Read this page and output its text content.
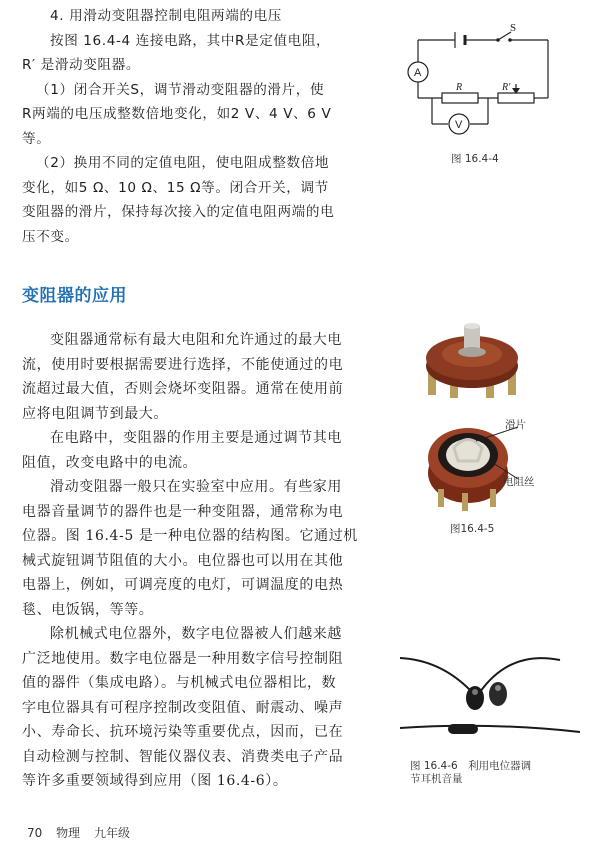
4. 用滑动变阻器控制电阻两端的电压
按图 16.4-4 连接电路，其中R是定值电阻，
R′ 是滑动变阻器。
（1）闭合开关S，调节滑动变阻器的滑片，使
R两端的电压成整数倍地变化，如2 V、4 V、6 V
等。
（2）换用不同的定值电阻，使电阻成整数倍地
变化，如5 Ω、10 Ω、15 Ω等。闭合开关，调节
变阻器的滑片，保持每次接入的定值电阻两端的电
压不变。
S
A
V
R	R′
图 16.4-4
变阻器的应用
变阻器通常标有最大电阻和允许通过的最大电
流，使用时要根据需要进行选择，不能使通过的电
流超过最大值，否则会烧坏变阻器。通常在使用前
应将电阻调节到最大。
在电路中，变阻器的作用主要是通过调节其电
阻值，改变电路中的电流。
滑动变阻器一般只在实验室中应用。有些家用
电器音量调节的器件也是一种变阻器，通常称为电
位器。图 16.4-5 是一种电位器的结构图。它通过机
械式旋钮调节阻值的大小。电位器也可以用在其他
电器上，例如，可调亮度的电灯，可调温度的电热
毯、电饭锅，等等。
除机械式电位器外，数字电位器被人们越来越
广泛地使用。数字电位器是一种用数字信号控制阻
值的器件（集成电路）。与机械式电位器相比，数
字电位器具有可程序控制改变阻值、耐震动、噪声
小、寿命长、抗环境污染等重要优点，因而，已在
自动检测与控制、智能仪器仪表、消费类电子产品
等许多重要领域得到应用（图 16.4-6）。
滑片
电阻丝
图16.4-5
图 16.4-6　利用电位器调
节耳机音量
70 物理 九年级
